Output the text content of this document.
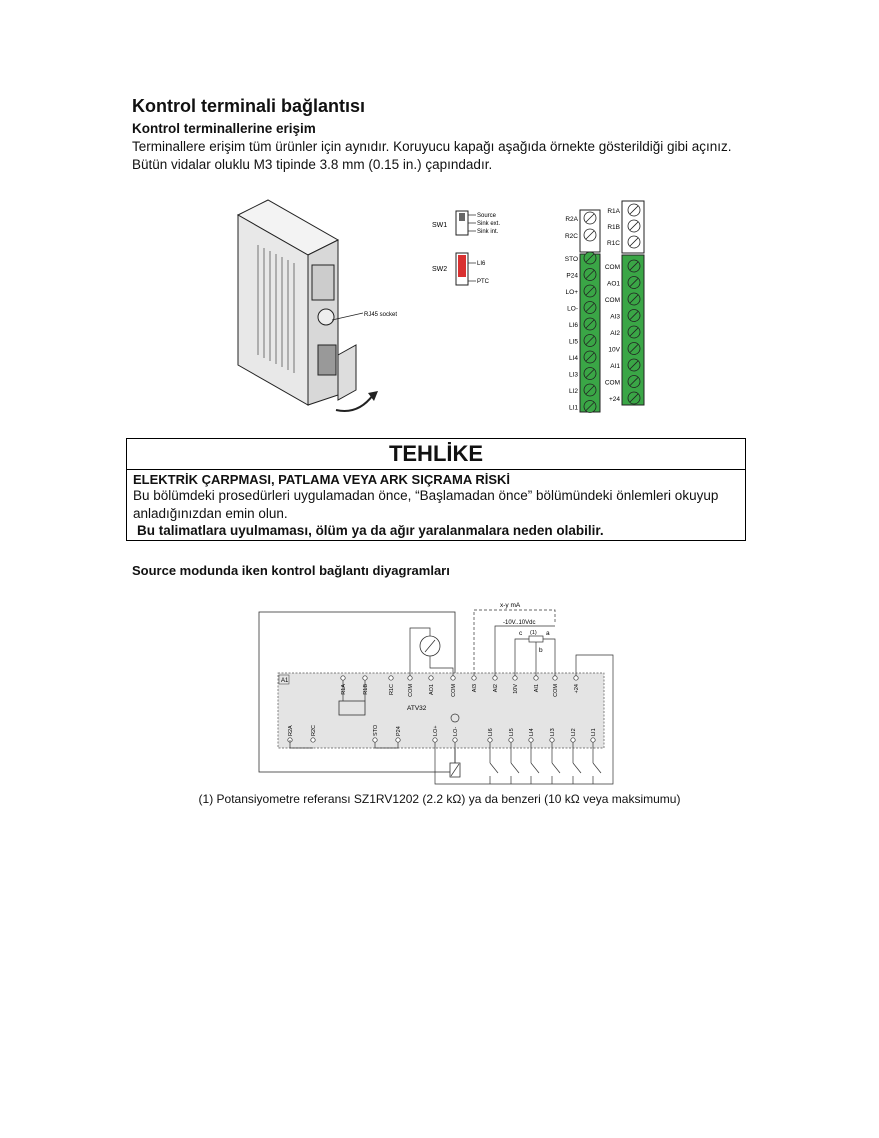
Kontrol terminali bağlantısı
Kontrol terminallerine erişim
Terminallere erişim tüm ürünler için aynıdır. Koruyucu kapağı aşağıda örnekte gösterildiği gibi açınız.
Bütün vidalar oluklu M3 tipinde 3.8 mm (0.15 in.) çapındadır.
RJ45 socket
SW1
Source
Sink ext.
Sink int.
SW2
LI6
PTC
R2A
R2C
STO
P24
LO+
LO-
LI6
LI5
LI4
LI3
LI2
LI1
R1A
R1B
R1C
COM
AO1
COM
AI3
AI2
10V
AI1
COM
+24
TEHLİKE
ELEKTRİK ÇARPMASI, PATLAMA VEYA ARK SIÇRAMA RİSKİ
Bu bölümdeki prosedürleri uygulamadan önce, “Başlamadan önce” bölümündeki önlemleri okuyup anladığınızdan emin olun.
Bu talimatlara uyulmaması, ölüm ya da ağır yaralanmalara neden olabilir.
Source modunda iken kontrol bağlantı diyagramları
A1
ATV32
x-y mA
-10V..10Vdc
c (1) a
b
R1A	R1B	R1C COM	AO1	COM	AI3	AI2	10V	AI1 COM	+24
R2A	R2C	STO	P24	LO+	LO-	LI6	LI5	LI4	LI3	LI2	LI1
(1) Potansiyometre referansı SZ1RV1202 (2.2 kΩ) ya da benzeri (10 kΩ veya maksimumu)
